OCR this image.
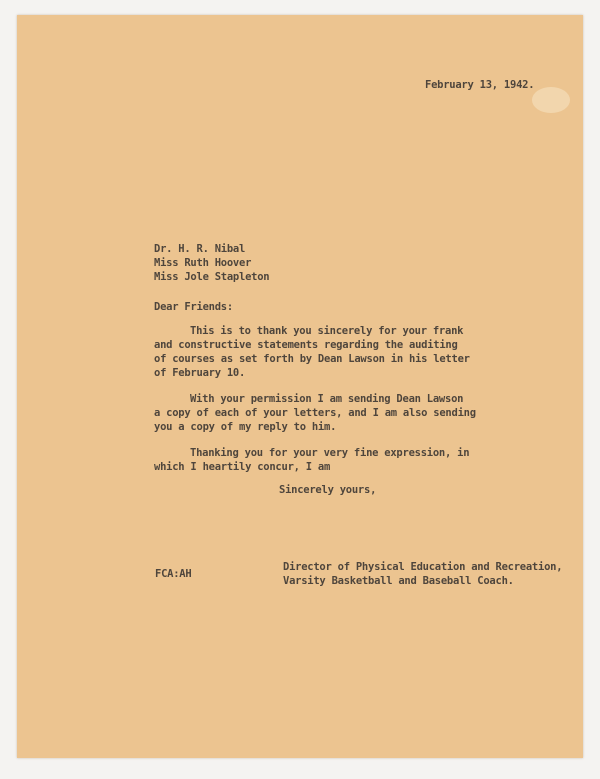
February 13, 1942.
Dr. H. R. Nibal
Miss Ruth Hoover
Miss Jole Stapleton
Dear Friends:
This is to thank you sincerely for your frank
and constructive statements regarding the auditing
of courses as set forth by Dean Lawson in his letter
of February 10.
With your permission I am sending Dean Lawson
a copy of each of your letters, and I am also sending
you a copy of my reply to him.
Thanking you for your very fine expression, in
which I heartily concur, I am
Sincerely yours,
FCA:AH
Director of Physical Education and Recreation,
Varsity Basketball and Baseball Coach.
